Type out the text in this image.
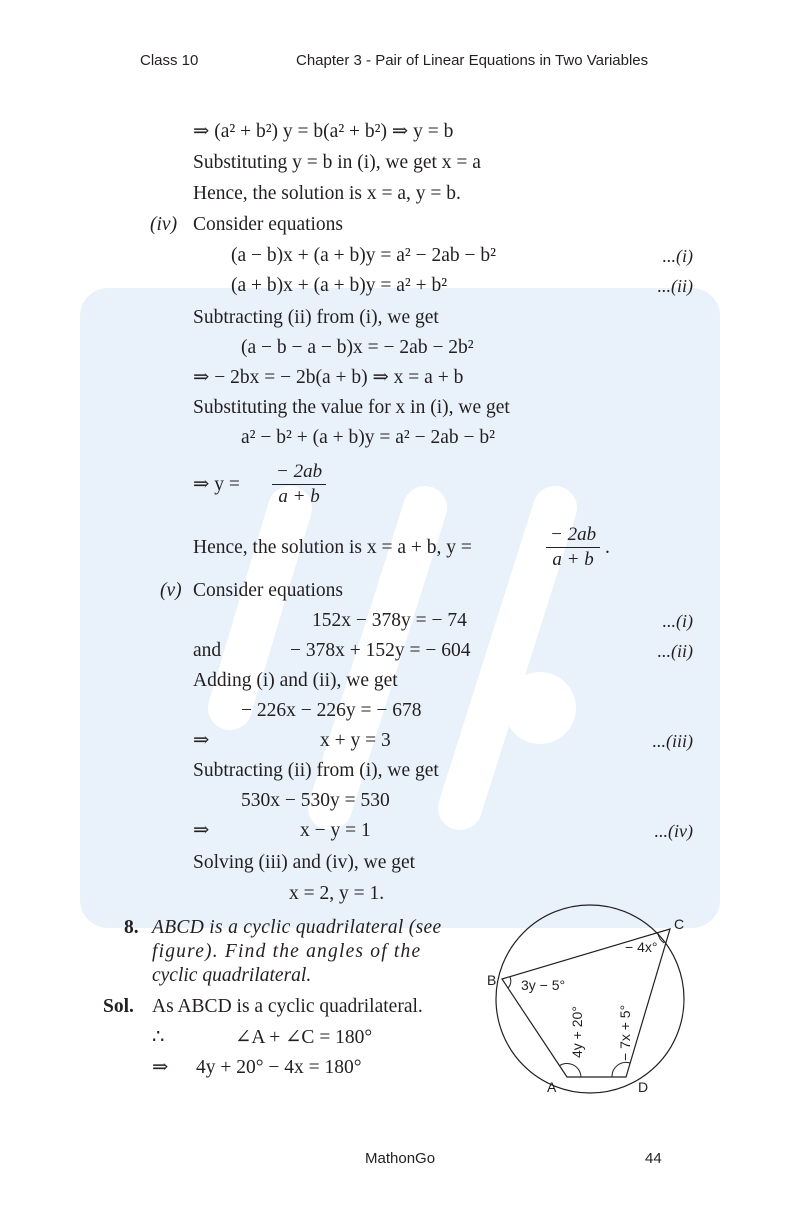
Class 10	Chapter 3 - Pair of Linear Equations in Two Variables
⇒ (a² + b²) y = b(a² + b²) ⇒ y = b
Substituting y = b in (i), we get x = a
Hence, the solution is x = a, y = b.
(iv) Consider equations
(a − b)x + (a + b)y = a² − 2ab − b²	...(i)
(a + b)x + (a + b)y = a² + b²	...(ii)
Subtracting (ii) from (i), we get
(a − b − a − b)x = − 2ab − 2b²
⇒ − 2bx = − 2b(a + b) ⇒ x = a + b
Substituting the value for x in (i), we get
a² − b² + (a + b)y = a² − 2ab − b²
⇒ $y = \frac{- 2ab}{a + b}$
Hence, the solution is x = a + b, y =	$\frac{- 2ab}{a + b}$ .
(v) Consider equations
152x − 378y = − 74	...(i)
and	− 378x + 152y = − 604	...(ii)
Adding (i) and (ii), we get
− 226x − 226y = − 678
⇒	x + y = 3	...(iii)
Subtracting (ii) from (i), we get
530x − 530y = 530
⇒	x − y = 1	...(iv)
Solving (iii) and (iv), we get
x = 2, y = 1.
8. ABCD is a cyclic quadrilateral (see
figure). Find the angles of the
cyclic quadrilateral.
Sol. As ABCD is a cyclic quadrilateral.
∴	∠A + ∠C = 180°
⇒ 4y + 20° − 4x = 180°
C
B
A	D
3y − 5°
− 4x°
4y + 20° − 7x + 5°
MathonGo	44
